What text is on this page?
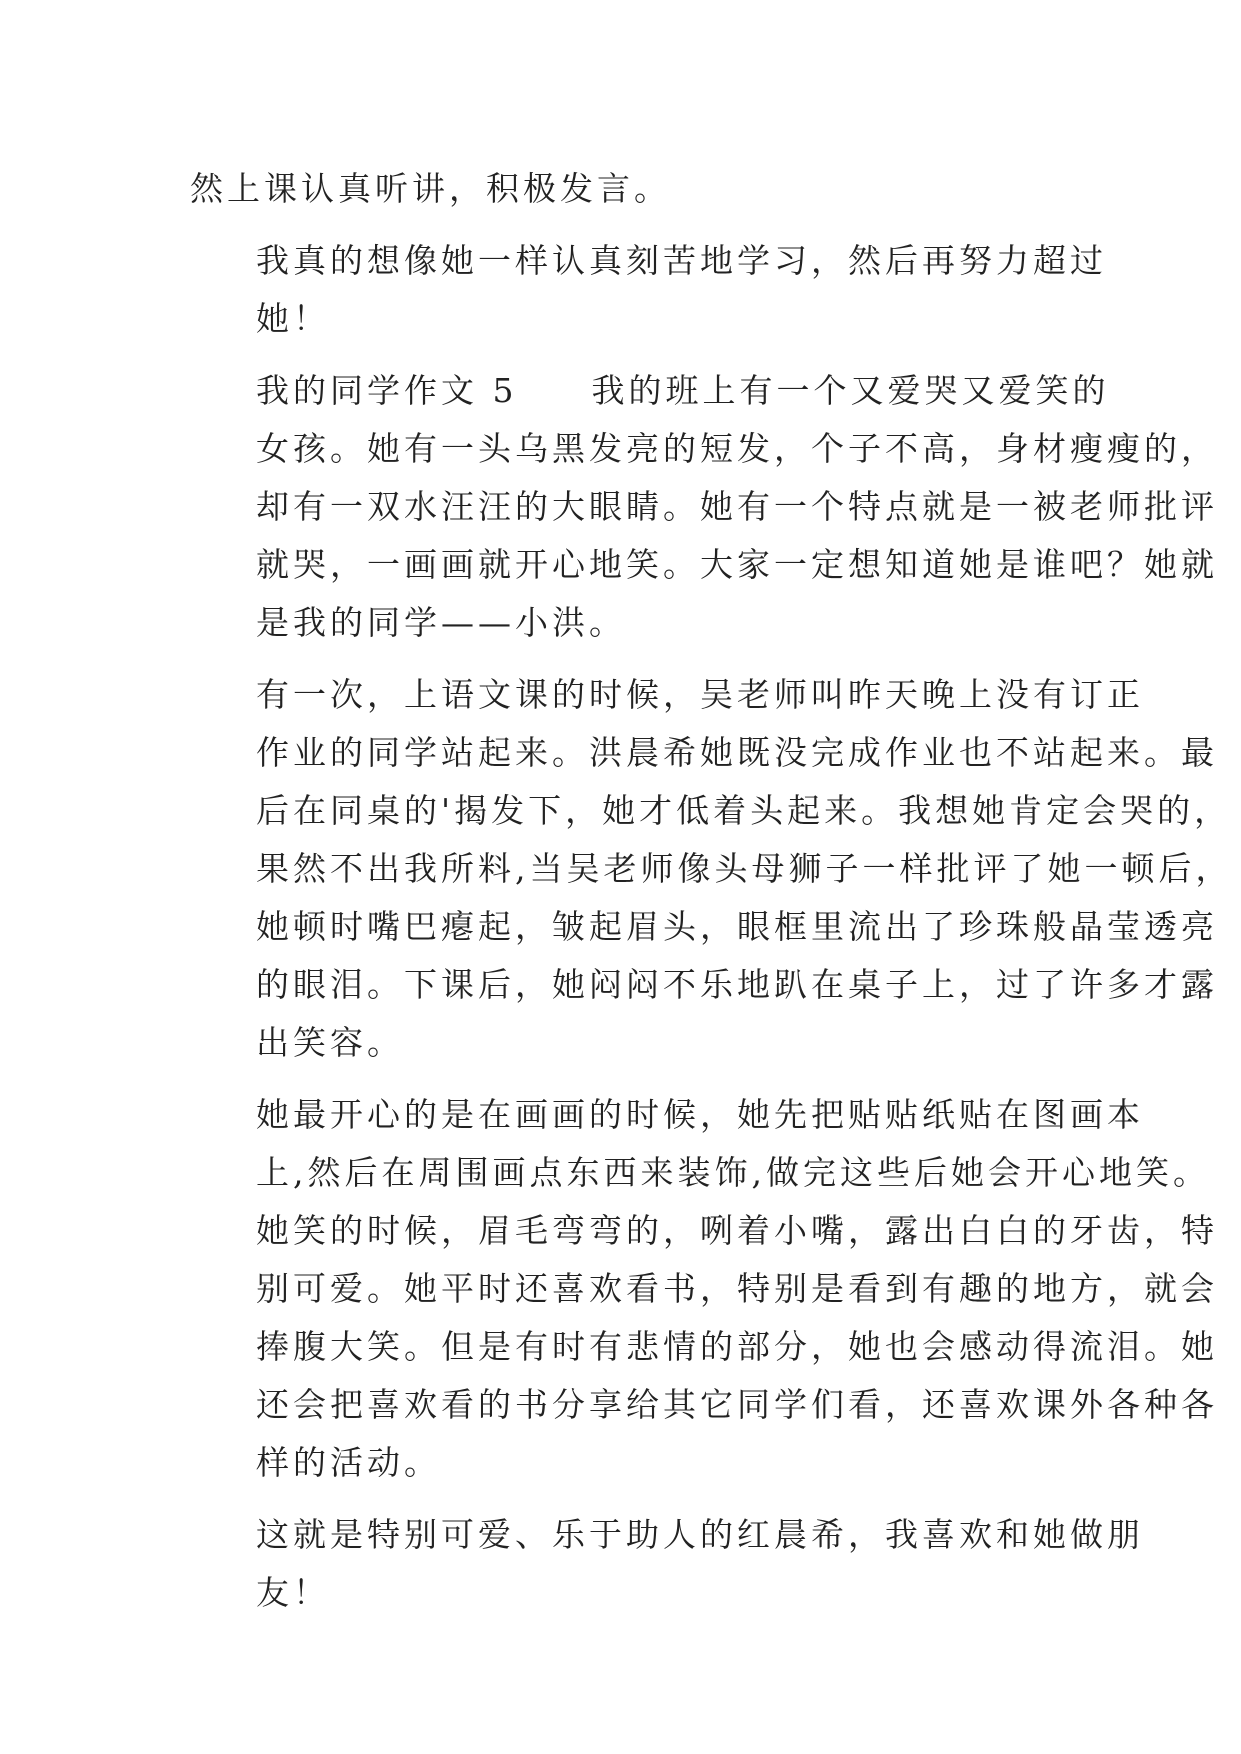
然上课认真听讲，积极发言。

我真的想像她一样认真刻苦地学习，然后再努力超过
她！

我的同学作文 5　　我的班上有一个又爱哭又爱笑的
女孩。她有一头乌黑发亮的短发，个子不高，身材瘦瘦的，
却有一双水汪汪的大眼睛。她有一个特点就是一被老师批评
就哭，一画画就开心地笑。大家一定想知道她是谁吧？她就
是我的同学——小洪。

有一次，上语文课的时候，吴老师叫昨天晚上没有订正
作业的同学站起来。洪晨希她既没完成作业也不站起来。最
后在同桌的'揭发下，她才低着头起来。我想她肯定会哭的，
果然不出我所料,当吴老师像头母狮子一样批评了她一顿后，
她顿时嘴巴瘪起，皱起眉头，眼框里流出了珍珠般晶莹透亮
的眼泪。下课后，她闷闷不乐地趴在桌子上，过了许多才露
出笑容。

她最开心的是在画画的时候，她先把贴贴纸贴在图画本
上,然后在周围画点东西来装饰,做完这些后她会开心地笑。
她笑的时候，眉毛弯弯的，咧着小嘴，露出白白的牙齿，特
别可爱。她平时还喜欢看书，特别是看到有趣的地方，就会
捧腹大笑。但是有时有悲情的部分，她也会感动得流泪。她
还会把喜欢看的书分享给其它同学们看，还喜欢课外各种各
样的活动。

这就是特别可爱、乐于助人的红晨希，我喜欢和她做朋
友！
